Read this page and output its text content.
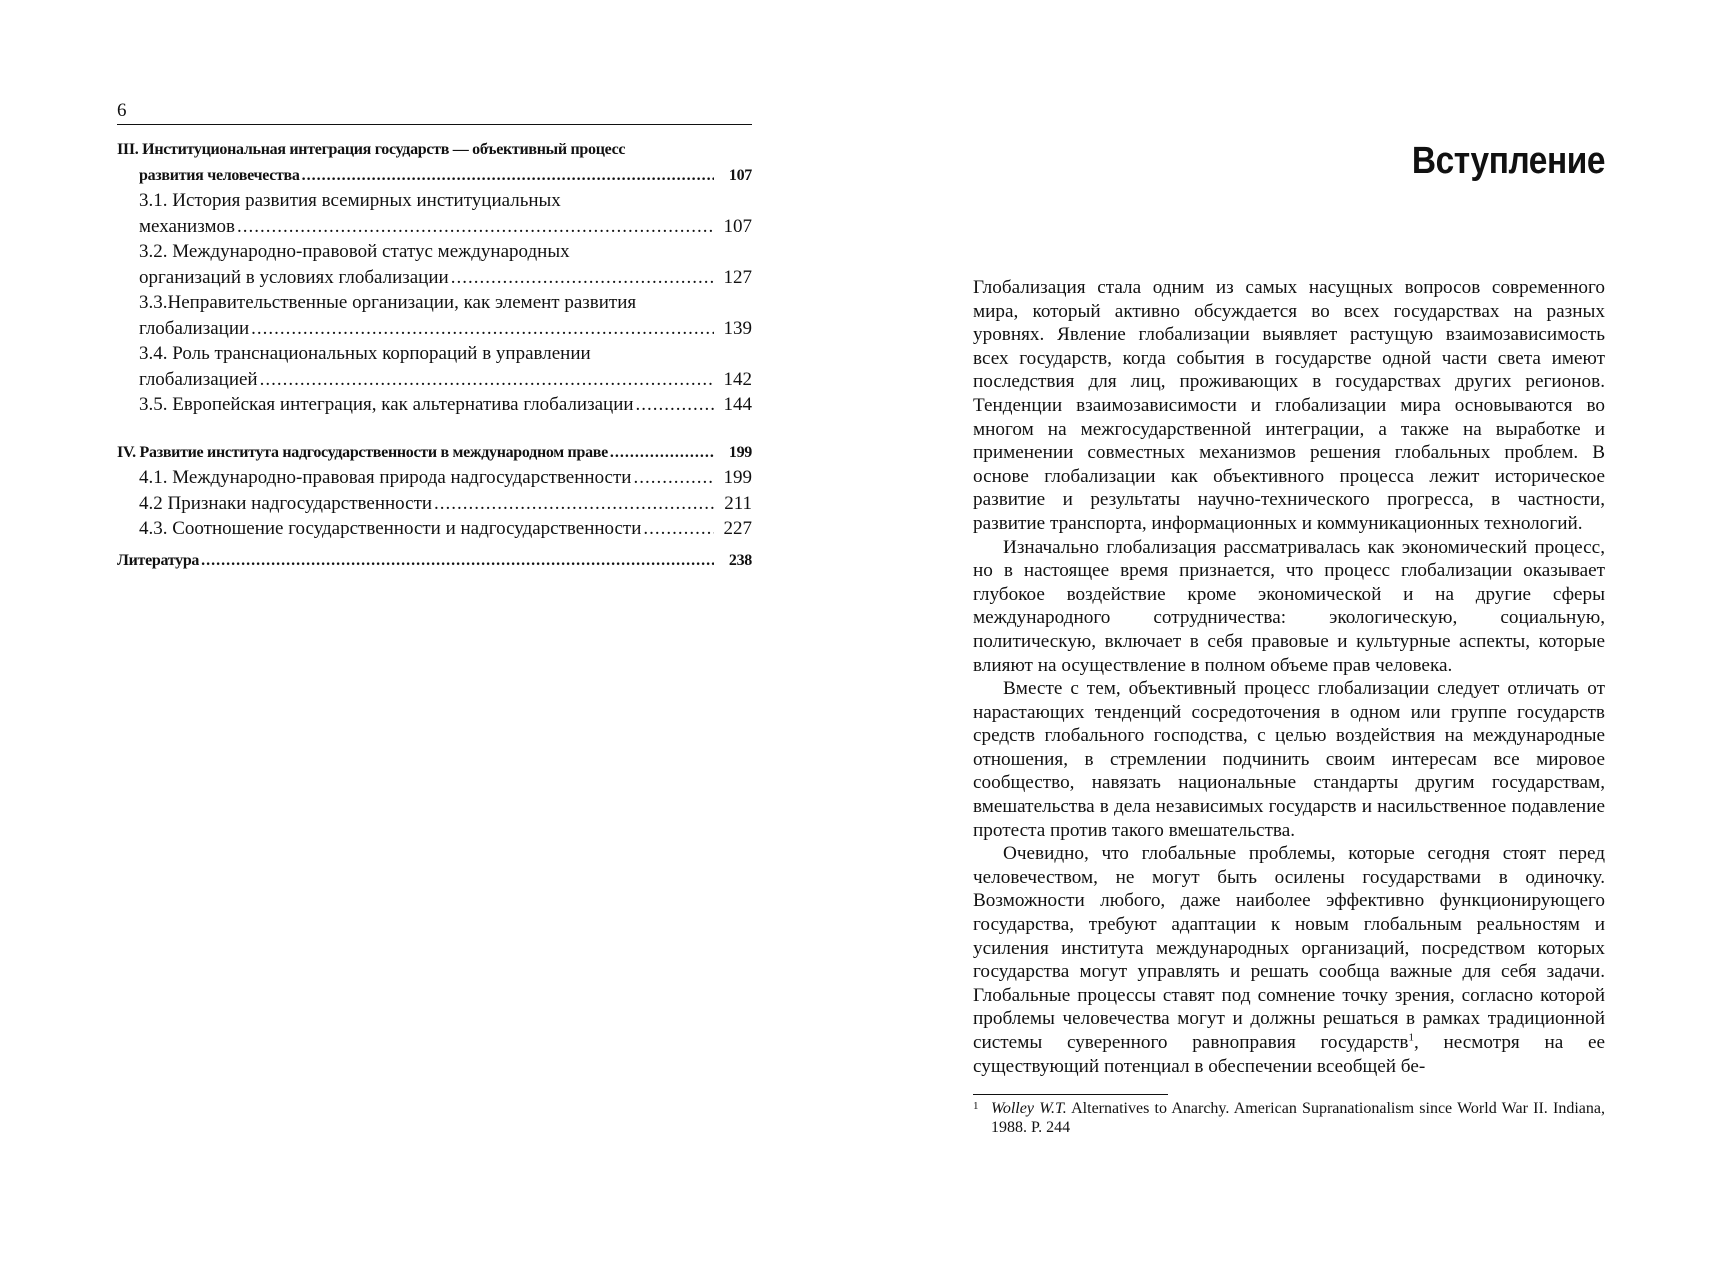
6
III. Институциональная интеграция государств — объективный процесс
развития человечества .....	107
3.1. История развития всемирных институциальных
механизмов .....	107
3.2. Международно-правовой статус международных
организаций в условиях глобализации .....	127
3.3.Неправительственные организации, как элемент развития
глобализации .....	139
3.4. Роль транснациональных корпораций в управлении
глобализацией .....	142
3.5. Европейская интеграция, как альтернатива глобализации .....	144
IV. Развитие института надгосударственности в международном праве .....	199
4.1. Международно-правовая природа надгосударственности .....	199
4.2 Признаки надгосударственности .....	211
4.3. Соотношение государственности и надгосударственности .....	227
Литература .....	238
Вступление

Глобализация стала одним из самых насущных вопросов современного мира, который активно обсуждается во всех государствах на разных уровнях. Явление глобализации выявляет растущую взаимозависимость всех государств, когда события в государстве одной части света имеют последствия для лиц, проживающих в государствах других регионов. Тенденции взаимозависимости и глобализации мира основываются во многом на межгосударственной интеграции, а также на выработке и применении совместных механизмов решения глобальных проблем. В основе глобализации как объективного процесса лежит историческое развитие и результаты научно-технического прогресса, в частности, развитие транспорта, информационных и коммуникационных технологий.

Изначально глобализация рассматривалась как экономический процесс, но в настоящее время признается, что процесс глобализации оказывает глубокое воздействие кроме экономической и на другие сферы международного сотрудничества: экологическую, социальную, политическую, включает в себя правовые и культурные аспекты, которые влияют на осуществление в полном объеме прав человека.

Вместе с тем, объективный процесс глобализации следует отличать от нарастающих тенденций сосредоточения в одном или группе государств средств глобального господства, с целью воздействия на международные отношения, в стремлении подчинить своим интересам все мировое сообщество, навязать национальные стандарты другим государствам, вмешательства в дела независимых государств и насильственное подавление протеста против такого вмешательства.

Очевидно, что глобальные проблемы, которые сегодня стоят перед человечеством, не могут быть осилены государствами в одиночку. Возможности любого, даже наиболее эффективно функционирующего государства, требуют адаптации к новым глобальным реальностям и усиления института международных организаций, посредством которых государства могут управлять и решать сообща важные для себя задачи. Глобальные процессы ставят под сомнение точку зрения, согласно которой проблемы человечества могут и должны решаться в рамках традиционной системы суверенного равноправия государств$^1$, несмотря на ее существующий потенциал в обеспечении всеобщей бе-

1 Wolley W.T. Alternatives to Anarchy. American Supranationalism since World War II. Indiana, 1988. P. 244
